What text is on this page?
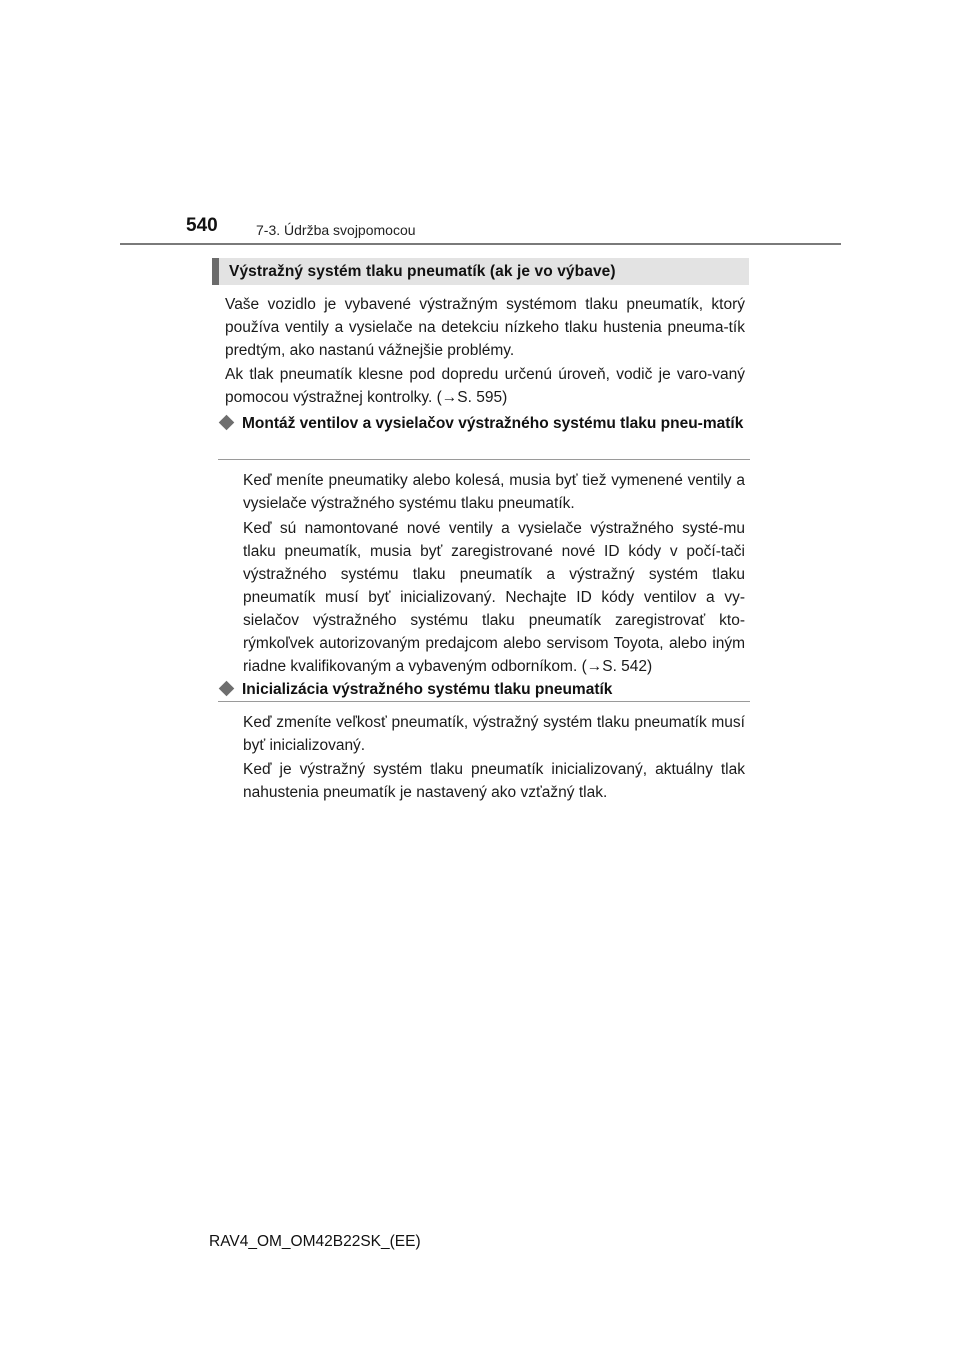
540	7-3. Údržba svojpomocou
Výstražný systém tlaku pneumatík (ak je vo výbave)

Vaše vozidlo je vybavené výstražným systémom tlaku pneumatík, ktorý používa ventily a vysielače na detekciu nízkeho tlaku hustenia pneuma-tík predtým, ako nastanú vážnejšie problémy.

Ak tlak pneumatík klesne pod dopredu určenú úroveň, vodič je varo-vaný pomocou výstražnej kontrolky. (→S. 595)

Montáž ventilov a vysielačov výstražného systému tlaku pneu-matík

Keď meníte pneumatiky alebo kolesá, musia byť tiež vymenené ventily a vysielače výstražného systému tlaku pneumatík.

Keď sú namontované nové ventily a vysielače výstražného systé-mu tlaku pneumatík, musia byť zaregistrované nové ID kódy v počí-tači výstražného systému tlaku pneumatík a výstražný systém tlaku pneumatík musí byť inicializovaný. Nechajte ID kódy ventilov a vy-sielačov výstražného systému tlaku pneumatík zaregistrovať kto-rýmkoľvek autorizovaným predajcom alebo servisom Toyota, alebo iným riadne kvalifikovaným a vybaveným odborníkom. (→S. 542)

Inicializácia výstražného systému tlaku pneumatík

Keď zmeníte veľkosť pneumatík, výstražný systém tlaku pneumatík musí byť inicializovaný.

Keď je výstražný systém tlaku pneumatík inicializovaný, aktuálny tlak nahustenia pneumatík je nastavený ako vzťažný tlak.

RAV4_OM_OM42B22SK_(EE)
